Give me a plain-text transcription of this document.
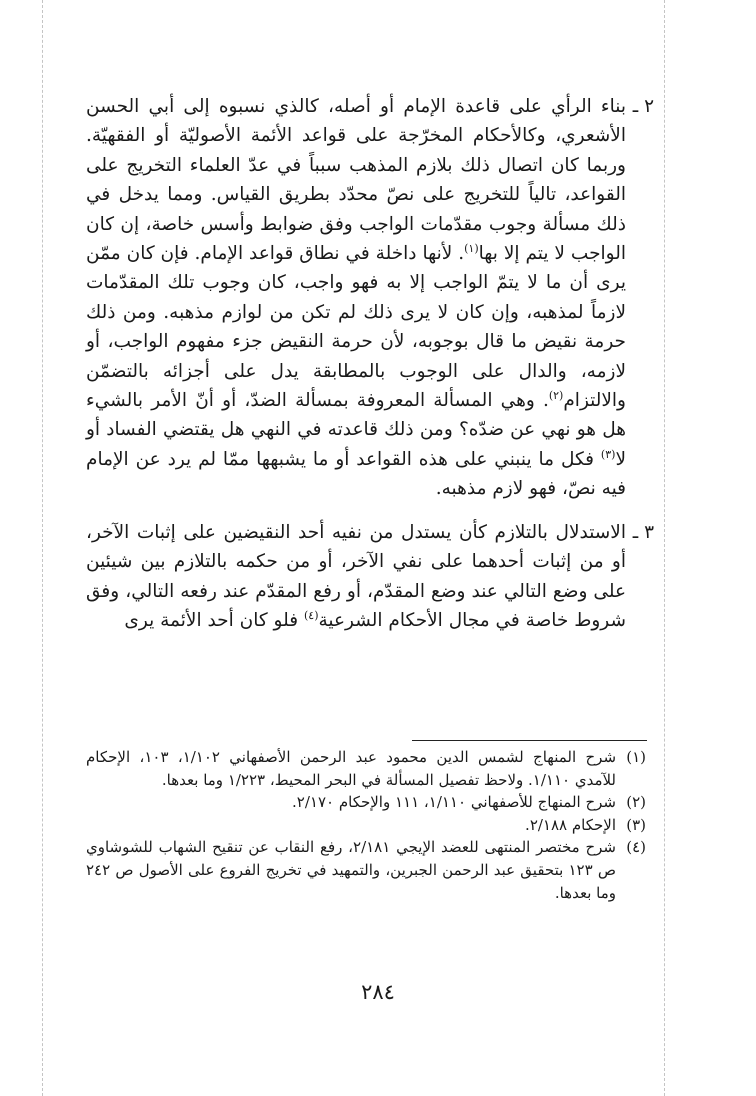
٢ ـ

بناء الرأي على قاعدة الإمام أو أصله، كالذي نسبوه إلى أبي الحسن الأشعري، وكالأحكام المخرّجة على قواعد الأئمة الأصوليّة أو الفقهيّة. وربما كان اتصال ذلك بلازم المذهب سبباً في عدّ العلماء التخريج على القواعد، تالياً للتخريج على نصّ محدّد بطريق القياس. ومما يدخل في ذلك مسألة وجوب مقدّمات الواجب وفق ضوابط وأسس خاصة، إن كان الواجب لا يتم إلا بها$^{(١)}$. لأنها داخلة في نطاق قواعد الإمام. فإن كان ممّن يرى أن ما لا يتمّ الواجب إلا به فهو واجب، كان وجوب تلك المقدّمات لازماً لمذهبه، وإن كان لا يرى ذلك لم تكن من لوازم مذهبه. ومن ذلك حرمة نقيض ما قال بوجوبه، لأن حرمة النقيض جزء مفهوم الواجب، أو لازمه، والدال على الوجوب بالمطابقة يدل على أجزائه بالتضمّن والالتزام$^{(٢)}$. وهي المسألة المعروفة بمسألة الضدّ، أو أنّ الأمر بالشيء هل هو نهي عن ضدّه؟ ومن ذلك قاعدته في النهي هل يقتضي الفساد أو لا$^{(٣)}$ فكل ما ينبني على هذه القواعد أو ما يشبهها ممّا لم يرد عن الإمام فيه نصّ، فهو لازم مذهبه.

٣ ـ

الاستدلال بالتلازم كأن يستدل من نفيه أحد النقيضين على إثبات الآخر، أو من إثبات أحدهما على نفي الآخر، أو من حكمه بالتلازم بين شيئين على وضع التالي عند وضع المقدّم، أو رفع المقدّم عند رفعه التالي، وفق شروط خاصة في مجال الأحكام الشرعية$^{(٤)}$ فلو كان أحد الأئمة يرى

(١)
شرح المنهاج لشمس الدين محمود عبد الرحمن الأصفهاني ١/١٠٢، ١٠٣، الإحكام للآمدي ١/١١٠. ولاحظ تفصيل المسألة في البحر المحيط، ١/٢٢٣ وما بعدها.
(٢)
شرح المنهاج للأصفهاني ١/١١٠، ١١١ والإحكام ٢/١٧٠.
(٣)
الإحكام ٢/١٨٨.
(٤)
شرح مختصر المنتهى للعضد الإيجي ٢/١٨١، رفع النقاب عن تنقيح الشهاب للشوشاوي ص ١٢٣ بتحقيق عبد الرحمن الجبرين، والتمهيد في تخريج الفروع على الأصول ص ٢٤٢ وما بعدها.
٢٨٤
